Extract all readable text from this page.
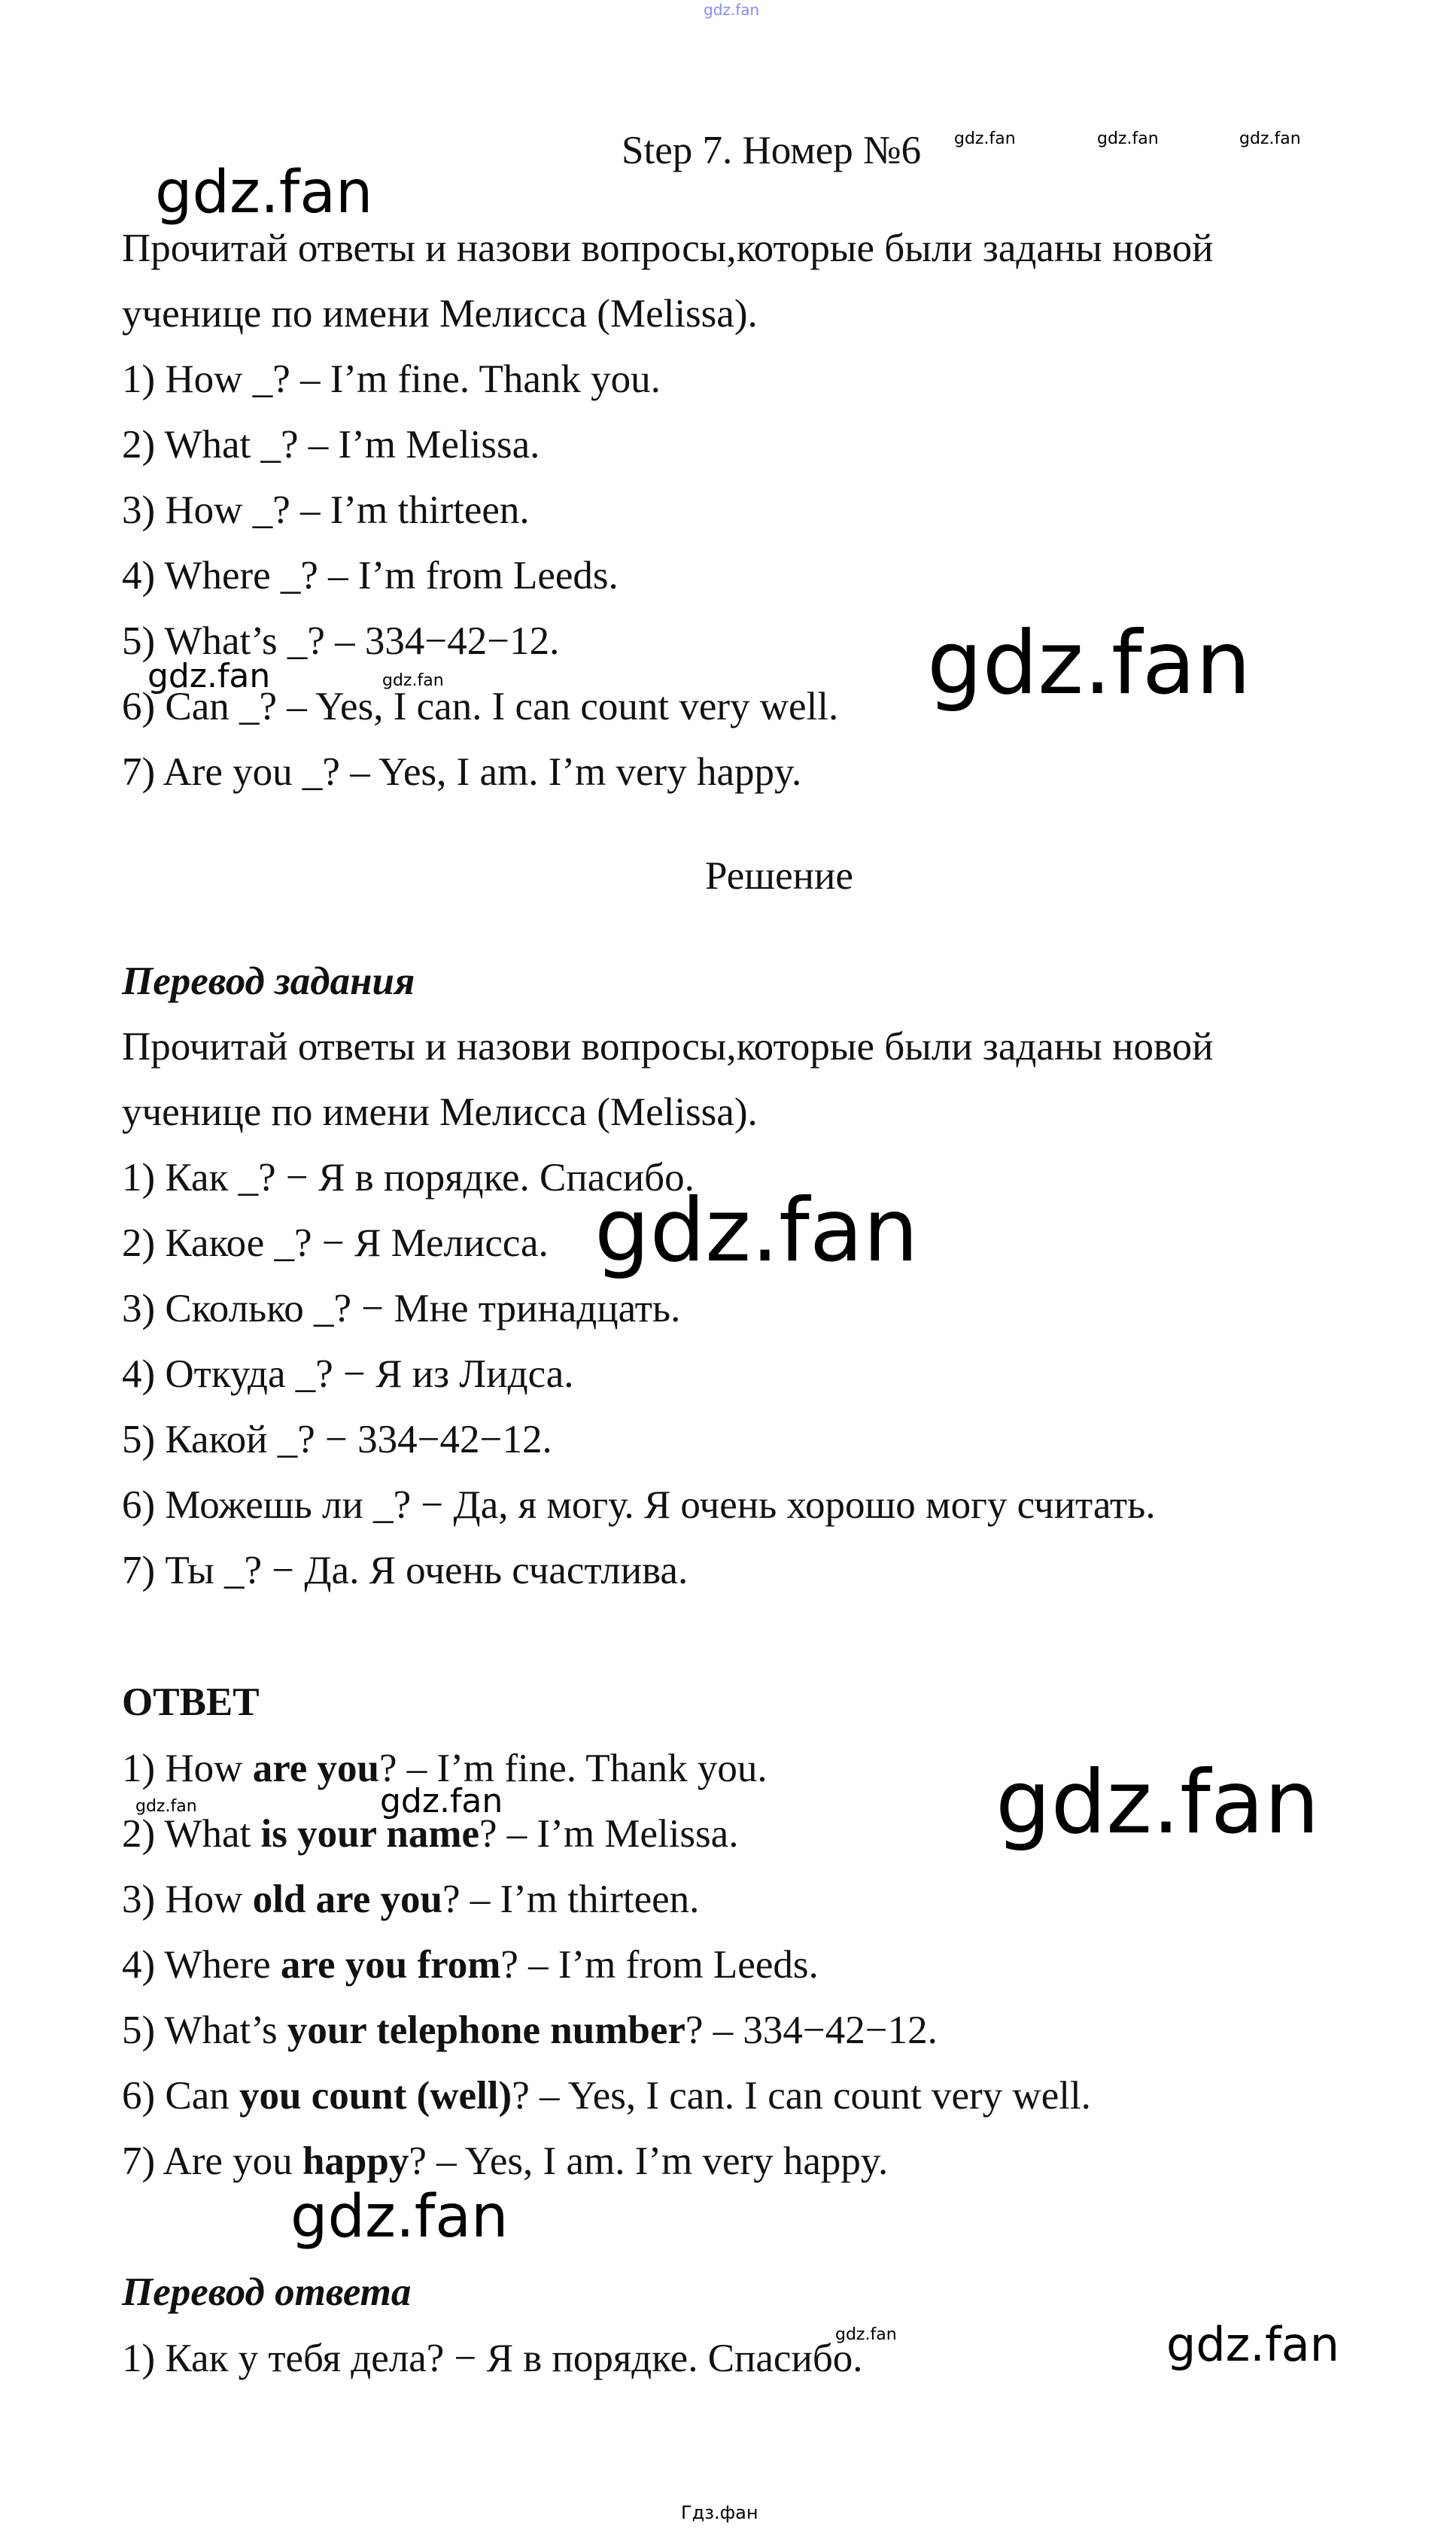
gdz.fan
Step 7. Номер №6 gdz.fan	gdz.fan	gdz.fan
gdz.fan
Прочитай ответы и назови вопросы,которые были заданы новой
ученице по имени Мелисса (Melissa).
1) How _? – I’m fine. Thank you.
2) What _? – I’m Melissa.
3) How _? – I’m thirteen.
4) Where _? – I’m from Leeds.
5) What’s _? – 334−42−12.
gdz.fan	gdz.fan
6) Can _? – Yes, I can. I can count very well. gdz.fan
7) Are you _? – Yes, I am. I’m very happy.
Решение
Перевод задания
Прочитай ответы и назови вопросы,которые были заданы новой
ученице по имени Мелисса (Melissa).
1) Как _? − Я в порядке. Спасибо.
2) Какое _? − Я Мелисса. gdz.fan
3) Сколько _? − Мне тринадцать.
4) Откуда _? − Я из Лидса.
5) Какой _? − 334−42−12.
6) Можешь ли _? − Да, я могу. Я очень хорошо могу считать.
7) Ты _? − Да. Я очень счастлива.
ОТВЕТ
gdz.fan
1) How are you? – I’m fine. Thank you.
gdz.fan	gdz.fan
2) What is your name? – I’m Melissa.
3) How old are you? – I’m thirteen.
4) Where are you from? – I’m from Leeds.
5) What’s your telephone number? – 334−42−12.
6) Can you count (well)? – Yes, I can. I can count very well.
7) Are you happy? – Yes, I am. I’m very happy.
gdz.fan
Перевод ответа
gdz.fan	gdz.fan
1) Как у тебя дела? − Я в порядке. Спасибо.
Гдз.фан
